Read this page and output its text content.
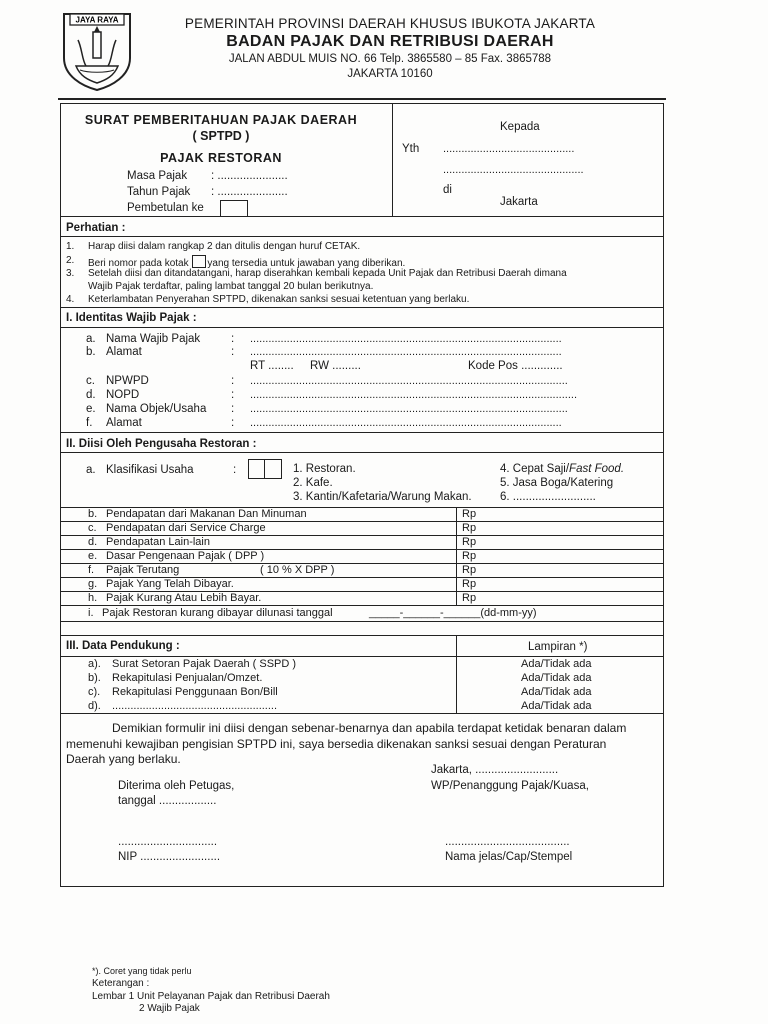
JAYA RAYA	PEMERINTAH PROVINSI DAERAH KHUSUS IBUKOTA JAKARTA
BADAN PAJAK DAN RETRIBUSI DAERAH
JALAN ABDUL MUIS NO. 66 Telp. 3865580 – 85 Fax. 3865788
JAKARTA 10160
SURAT PEMBERITAHUAN PAJAK DAERAH
( SPTPD )
PAJAK RESTORAN
Masa Pajak : ......................
Tahun Pajak : ......................
Pembetulan ke
Kepada
Yth ...........................................
..............................................
di
Jakarta
Perhatian :
1. Harap diisi dalam rangkap 2 dan ditulis dengan huruf CETAK.
2. Beri nomor pada kotak yang tersedia untuk jawaban yang diberikan.
3. Setelah diisi dan ditandatangani, harap diserahkan kembali kepada Unit Pajak dan Retribusi Daerah dimana
Wajib Pajak terdaftar, paling lambat tanggal 20 bulan berikutnya.
4. Keterlambatan Penyerahan SPTPD, dikenakan sanksi sesuai ketentuan yang berlaku.
I. Identitas Wajib Pajak :
a. Nama Wajib Pajak	: ......................................................................................................
b. Alamat	: ......................................................................................................
RT ........ RW .........	Kode Pos .............
c. NPWPD	: ........................................................................................................
d. NOPD	: ...........................................................................................................
e. Nama Objek/Usaha : ........................................................................................................
f. Alamat	: ......................................................................................................
II. Diisi Oleh Pengusaha Restoran :
a. Klasifikasi Usaha	:	1. Restoran.
2. Kafe.
3. Kantin/Kafetaria/Warung Makan.
4. Cepat Saji/Fast Food.
5. Jasa Boga/Katering
6. ..........................
b. Pendapatan dari Makanan Dan Minuman	Rp
c. Pendapatan dari Service Charge	Rp
d. Pendapatan Lain-lain	Rp
e. Dasar Pengenaan Pajak ( DPP )	Rp
f. Pajak Terutang	( 10 % X DPP )	Rp
g. Pajak Yang Telah Dibayar.	Rp
h. Pajak Kurang Atau Lebih Bayar.	Rp
i. Pajak Restoran kurang dibayar dilunasi tanggal	_____-______-______(dd-mm-yy)
III. Data Pendukung :	Lampiran *)
a). Surat Setoran Pajak Daerah ( SSPD )	Ada/Tidak ada
b). Rekapitulasi Penjualan/Omzet.	Ada/Tidak ada
c). Rekapitulasi Penggunaan Bon/Bill	Ada/Tidak ada
d). ......................................................	Ada/Tidak ada
Demikian formulir ini diisi dengan sebenar-benarnya dan apabila terdapat ketidak benaran dalam
memenuhi kewajiban pengisian SPTPD ini, saya bersedia dikenakan sanksi sesuai dengan Peraturan
Daerah yang berlaku.
Jakarta, ..........................
Diterima oleh Petugas,	WP/Penanggung Pajak/Kuasa,
tanggal ..................
...............................	.......................................
NIP .........................	Nama jelas/Cap/Stempel
*). Coret yang tidak perlu
Keterangan :
Lembar 1 Unit Pelayanan Pajak dan Retribusi Daerah
2 Wajib Pajak
